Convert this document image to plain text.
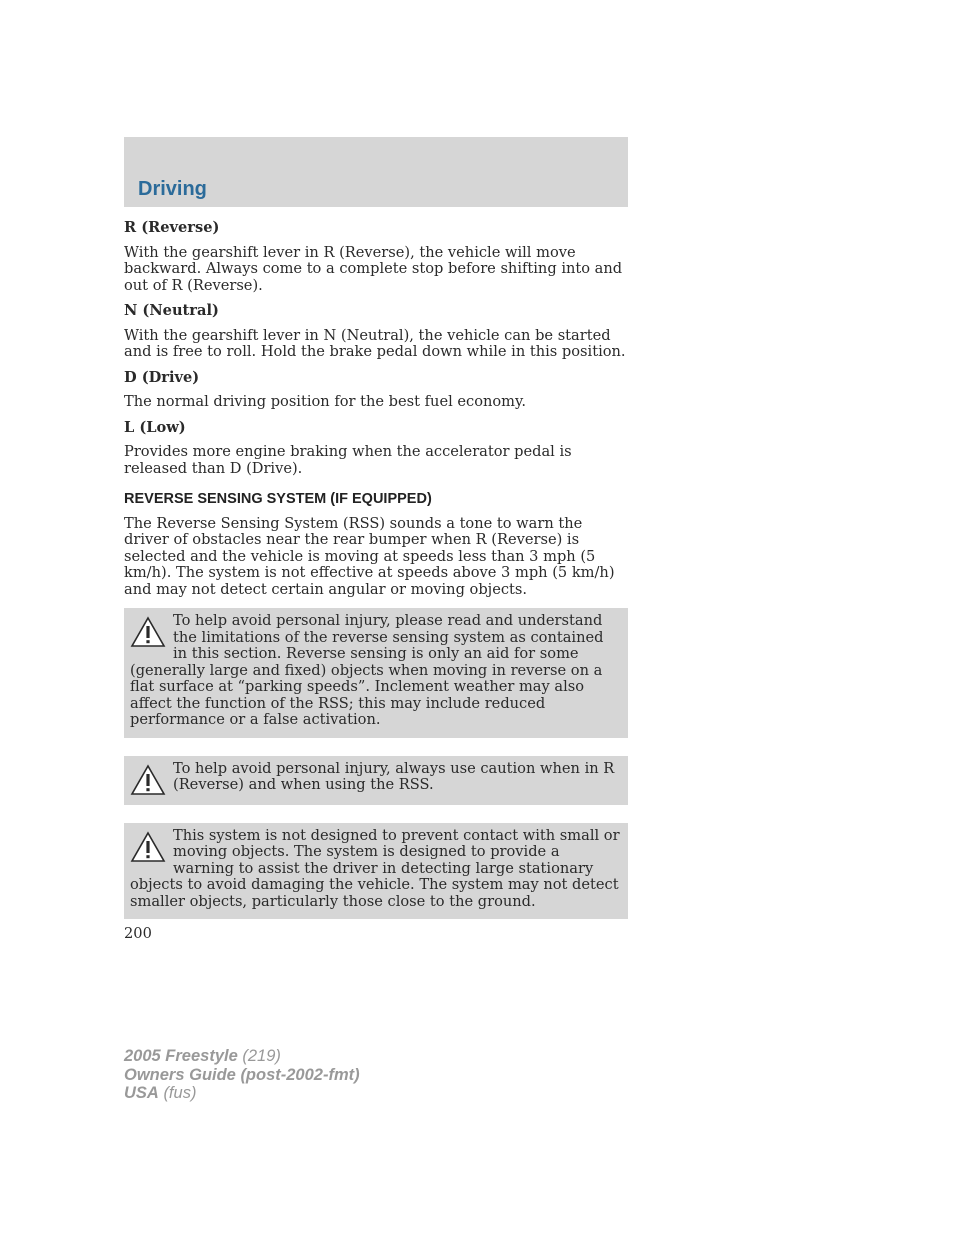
Driving

R (Reverse)

With the gearshift lever in R (Reverse), the vehicle will move backward. Always come to a complete stop before shifting into and out of R (Reverse).

N (Neutral)

With the gearshift lever in N (Neutral), the vehicle can be started and is free to roll. Hold the brake pedal down while in this position.

D (Drive)

The normal driving position for the best fuel economy.

L (Low)

Provides more engine braking when the accelerator pedal is released than D (Drive).

REVERSE SENSING SYSTEM (IF EQUIPPED)

The Reverse Sensing System (RSS) sounds a tone to warn the driver of obstacles near the rear bumper when R (Reverse) is selected and the vehicle is moving at speeds less than 3 mph (5 km/h). The system is not effective at speeds above 3 mph (5 km/h) and may not detect certain angular or moving objects.

To help avoid personal injury, please read and understand the limitations of the reverse sensing system as contained in this section. Reverse sensing is only an aid for some (generally large and fixed) objects when moving in reverse on a flat surface at “parking speeds”. Inclement weather may also affect the function of the RSS; this may include reduced performance or a false activation.

To help avoid personal injury, always use caution when in R (Reverse) and when using the RSS.

This system is not designed to prevent contact with small or moving objects. The system is designed to provide a warning to assist the driver in detecting large stationary objects to avoid damaging the vehicle. The system may not detect smaller objects, particularly those close to the ground.

200
2005 Freestyle (219)
Owners Guide (post-2002-fmt)
USA (fus)
